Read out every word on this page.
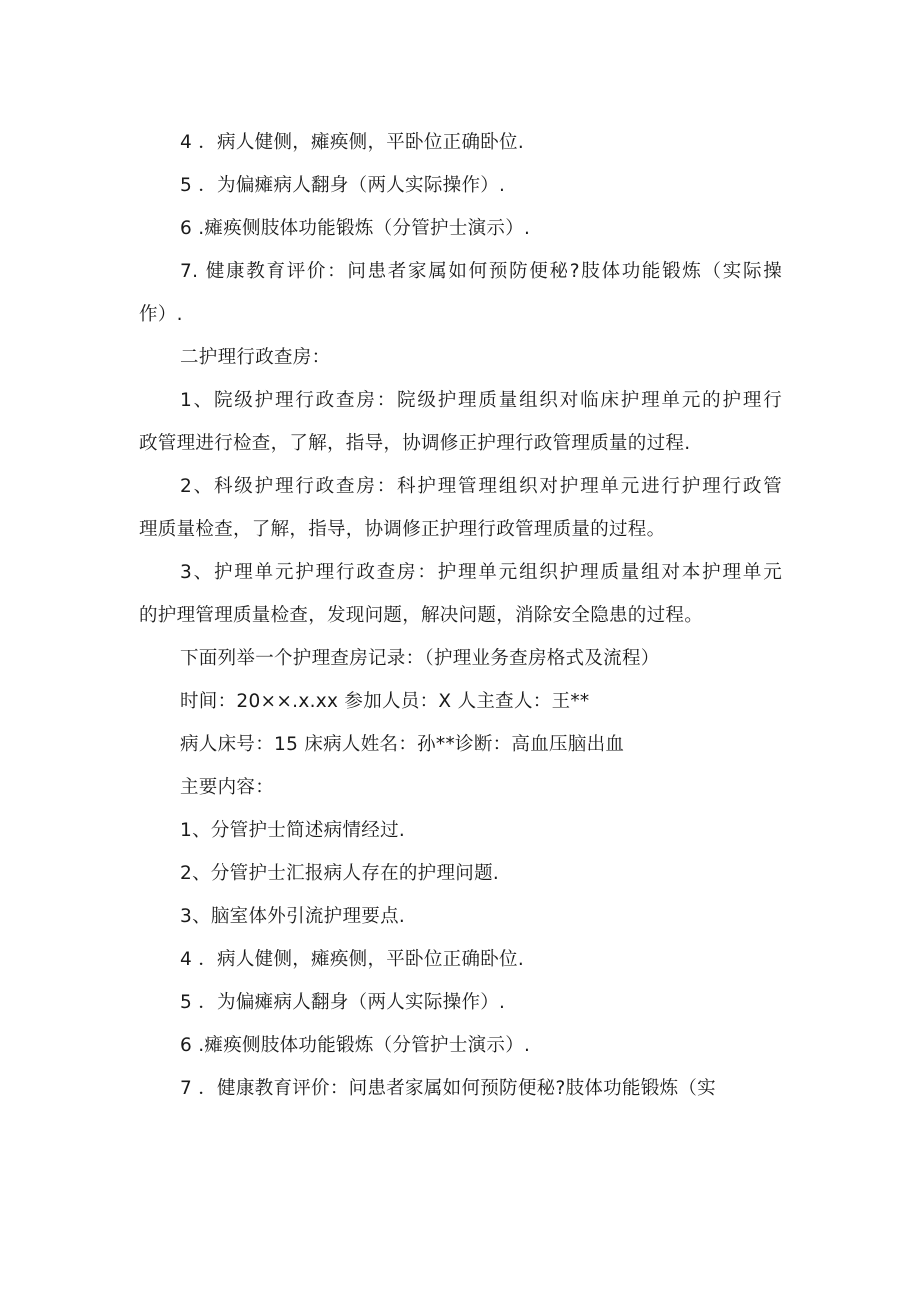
4 ．病人健侧，瘫痪侧，平卧位正确卧位.
5 ．为偏瘫病人翻身（两人实际操作）.
6 .瘫痪侧肢体功能锻炼（分管护士演示）.
7. 健康教育评价：问患者家属如何预防便秘?肢体功能锻炼（实际操
作）.
二护理行政查房：
1、院级护理行政查房：院级护理质量组织对临床护理单元的护理行
政管理进行检查，了解，指导，协调修正护理行政管理质量的过程.
2、科级护理行政查房：科护理管理组织对护理单元进行护理行政管
理质量检查，了解，指导，协调修正护理行政管理质量的过程。
3、护理单元护理行政查房：护理单元组织护理质量组对本护理单元
的护理管理质量检查，发现问题，解决问题，消除安全隐患的过程。
下面列举一个护理查房记录：（护理业务查房格式及流程）
时间：20××.x.xx 参加人员：X 人主查人：王**
病人床号：15 床病人姓名：孙**诊断：高血压脑出血
主要内容：
1、分管护士简述病情经过.
2、分管护士汇报病人存在的护理问题.
3、脑室体外引流护理要点.
4 ．病人健侧，瘫痪侧，平卧位正确卧位.
5 ．为偏瘫病人翻身（两人实际操作）.
6 .瘫痪侧肢体功能锻炼（分管护士演示）.
7 ．健康教育评价：问患者家属如何预防便秘?肢体功能锻炼（实
